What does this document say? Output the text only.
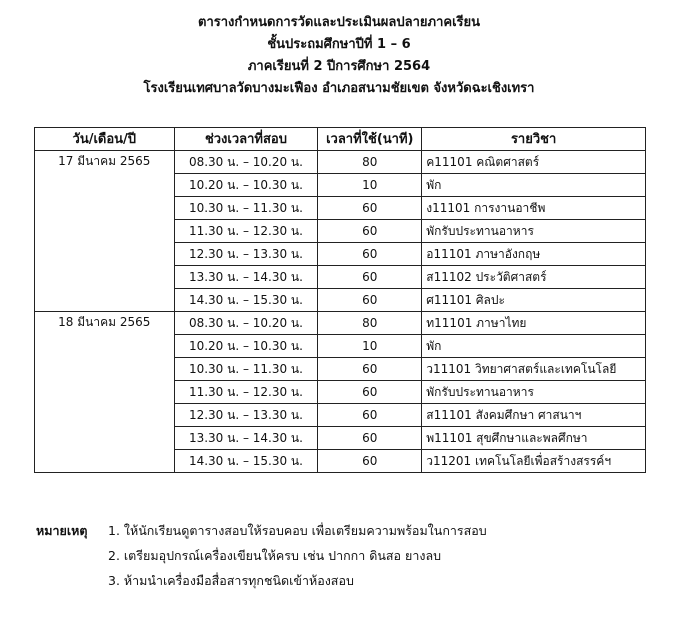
ตารางกำหนดการวัดและประเมินผลปลายภาคเรียน
ชั้นประถมศึกษาปีที่ 1 – 6
ภาคเรียนที่ 2 ปีการศึกษา 2564
โรงเรียนเทศบาลวัดบางมะเฟือง อำเภอสนามชัยเขต จังหวัดฉะเชิงเทรา
วัน/เดือน/ปี	ช่วงเวลาที่สอบ	เวลาที่ใช้(นาที)	รายวิชา
17 มีนาคม 2565	08.30 น. – 10.20 น.	80	ค11101 คณิตศาสตร์
	10.20 น. – 10.30 น.	10	พัก
	10.30 น. – 11.30 น.	60	ง11101 การงานอาชีพ
	11.30 น. – 12.30 น.	60	พักรับประทานอาหาร
	12.30 น. – 13.30 น.	60	อ11101 ภาษาอังกฤษ
	13.30 น. – 14.30 น.	60	ส11102 ประวัติศาสตร์
	14.30 น. – 15.30 น.	60	ศ11101 ศิลปะ
18 มีนาคม 2565	08.30 น. – 10.20 น.	80	ท11101 ภาษาไทย
	10.20 น. – 10.30 น.	10	พัก
	10.30 น. – 11.30 น.	60	ว11101 วิทยาศาสตร์และเทคโนโลยี
	11.30 น. – 12.30 น.	60	พักรับประทานอาหาร
	12.30 น. – 13.30 น.	60	ส11101 สังคมศึกษา ศาสนาฯ
	13.30 น. – 14.30 น.	60	พ11101 สุขศึกษาและพลศึกษา
	14.30 น. – 15.30 น.	60	ว11201 เทคโนโลยีเพื่อสร้างสรรค์ฯ
หมายเหตุ	1. ให้นักเรียนดูตารางสอบให้รอบคอบ เพื่อเตรียมความพร้อมในการสอบ
2. เตรียมอุปกรณ์เครื่องเขียนให้ครบ เช่น ปากกา ดินสอ ยางลบ
3. ห้ามนำเครื่องมือสื่อสารทุกชนิดเข้าห้องสอบ
